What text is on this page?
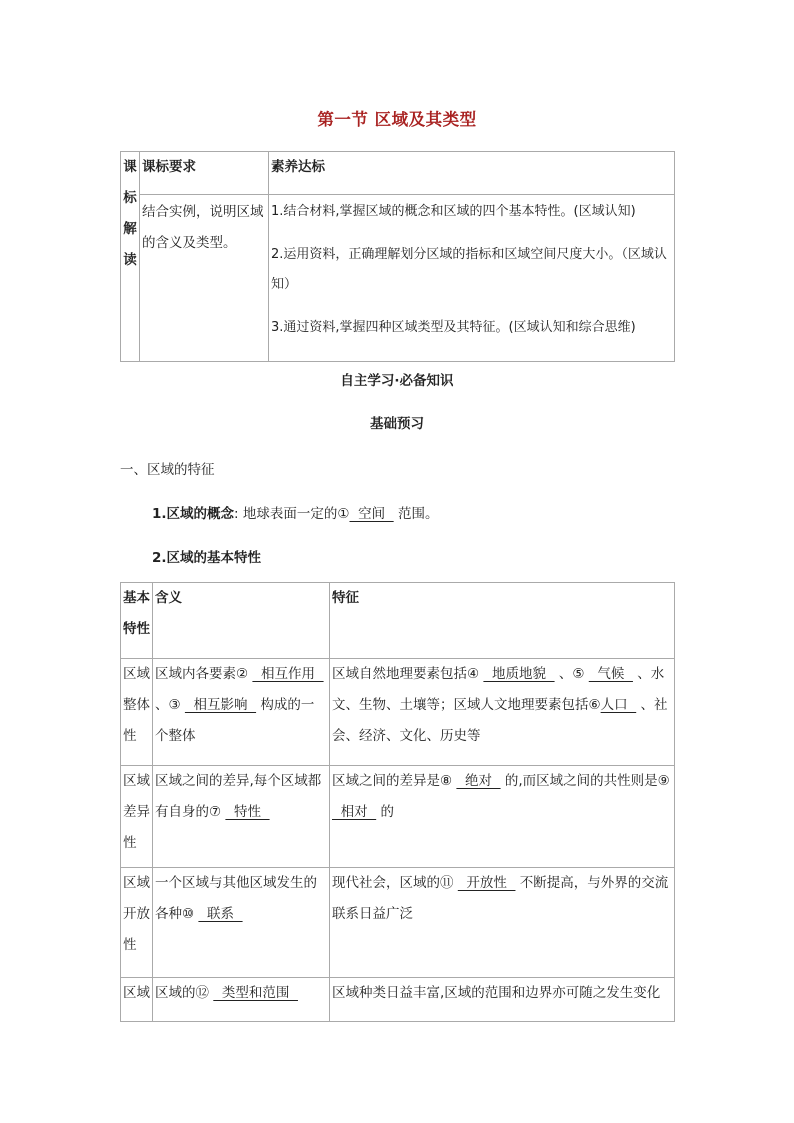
第一节 区域及其类型
课
标
解
读	课标要求	素养达标
	结合实例，说明区域的含义及类型。	1.结合材料,掌握区域的概念和区域的四个基本特性。(区域认知)
2.运用资料，正确理解划分区域的指标和区域空间尺度大小。（区域认知）
3.通过资料,掌握四种区域类型及其特征。(区域认知和综合思维)
自主学习·必备知识
基础预习
一、区域的特征
1.区域的概念: 地球表面一定的①  空间   范围。
2.区域的基本特性
基本特性	含义	特征
区域整体性	区域内各要素②   相互作用   、③   相互影响   构成的一个整体	区域自然地理要素包括④   地质地貌   、⑤   气候   、水文、生物、土壤等；区域人文地理要素包括⑥人口   、社会、经济、文化、历史等
区域差异性	区域之间的差异,每个区域都有自身的⑦   特性	区域之间的差异是⑧   绝对   的,而区域之间的共性则是⑨   相对   的
区域开放性	一个区域与其他区域发生的各种⑩   联系	现代社会，区域的⑪   开放性   不断提高，与外界的交流联系日益广泛
区域	区域的⑫   类型和范围	区域种类日益丰富,区域的范围和边界亦可随之发生变化
